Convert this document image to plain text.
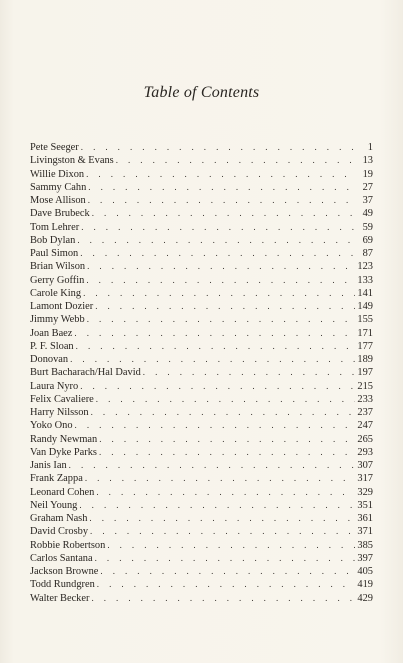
Table of Contents
Pete Seeger . . .	1
Livingston & Evans . . .	13
Willie Dixon . . .	19
Sammy Cahn . . .	27
Mose Allison . . .	37
Dave Brubeck . . .	49
Tom Lehrer . . .	59
Bob Dylan . . .	69
Paul Simon . . .	87
Brian Wilson . . .	123
Gerry Goffin . . .	133
Carole King . . .	141
Lamont Dozier . . .	149
Jimmy Webb . . .	155
Joan Baez . . .	171
P. F. Sloan . . .	177
Donovan . . .	189
Burt Bacharach/Hal David . . .	197
Laura Nyro . . .	215
Felix Cavaliere . . .	233
Harry Nilsson . . .	237
Yoko Ono . . .	247
Randy Newman . . .	265
Van Dyke Parks . . .	293
Janis Ian . . .	307
Frank Zappa . . .	317
Leonard Cohen . . .	329
Neil Young . . .	351
Graham Nash . . .	361
David Crosby . . .	371
Robbie Robertson . . .	385
Carlos Santana . . .	397
Jackson Browne . . .	405
Todd Rundgren . . .	419
Walter Becker . . .	429
